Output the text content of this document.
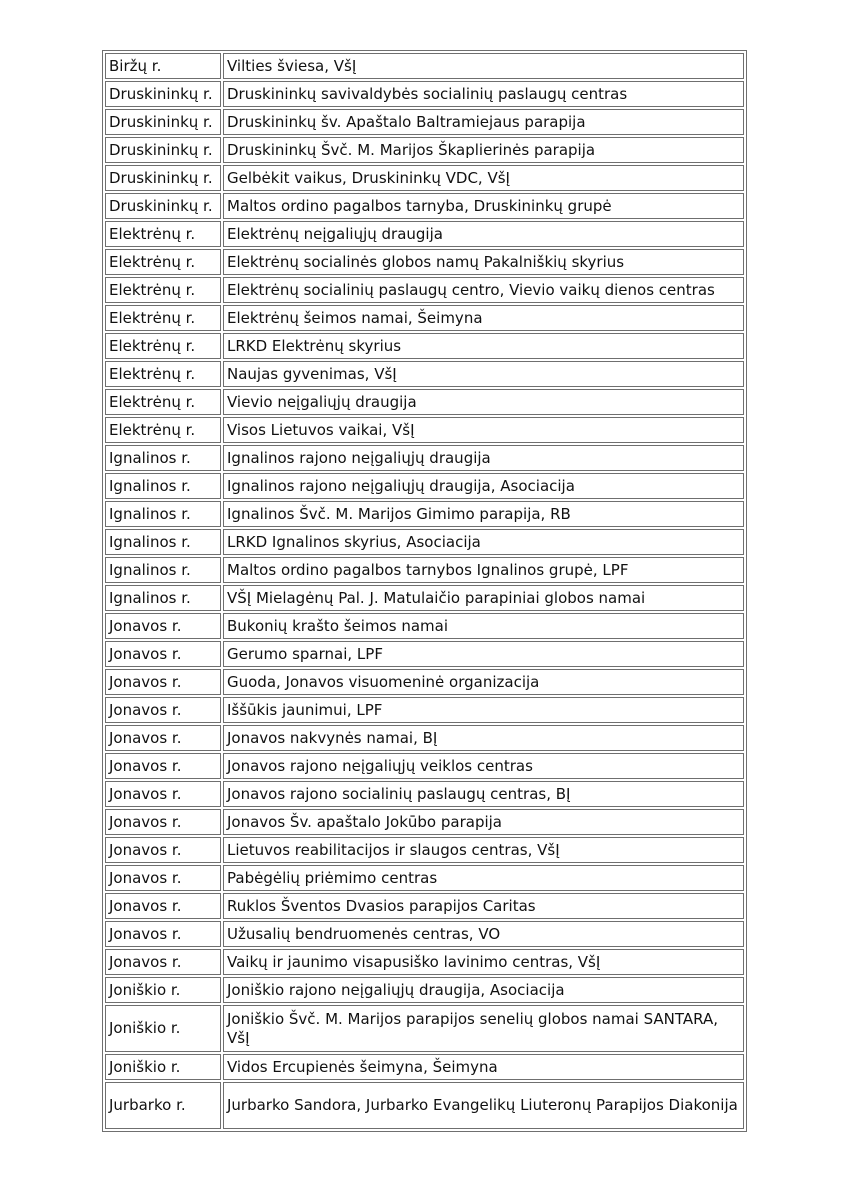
Biržų r.	Vilties šviesa, VšĮ
Druskininkų r.	Druskininkų savivaldybės socialinių paslaugų centras
Druskininkų r.	Druskininkų šv. Apaštalo Baltramiejaus parapija
Druskininkų r.	Druskininkų Švč. M. Marijos Škaplierinės parapija
Druskininkų r.	Gelbėkit vaikus, Druskininkų VDC, VšĮ
Druskininkų r.	Maltos ordino pagalbos tarnyba, Druskininkų grupė
Elektrėnų r.	Elektrėnų neįgaliųjų draugija
Elektrėnų r.	Elektrėnų socialinės globos namų Pakalniškių skyrius
Elektrėnų r.	Elektrėnų socialinių paslaugų centro, Vievio vaikų dienos centras
Elektrėnų r.	Elektrėnų šeimos namai, Šeimyna
Elektrėnų r.	LRKD Elektrėnų skyrius
Elektrėnų r.	Naujas gyvenimas, VšĮ
Elektrėnų r.	Vievio neįgaliųjų draugija
Elektrėnų r.	Visos Lietuvos vaikai, VšĮ
Ignalinos r.	Ignalinos rajono neįgaliųjų draugija
Ignalinos r.	Ignalinos rajono neįgaliųjų draugija, Asociacija
Ignalinos r.	Ignalinos Švč. M. Marijos Gimimo parapija, RB
Ignalinos r.	LRKD Ignalinos skyrius, Asociacija
Ignalinos r.	Maltos ordino pagalbos tarnybos Ignalinos grupė, LPF
Ignalinos r.	VŠĮ Mielagėnų Pal. J. Matulaičio parapiniai globos namai
Jonavos r.	Bukonių krašto šeimos namai
Jonavos r.	Gerumo sparnai, LPF
Jonavos r.	Guoda, Jonavos visuomeninė organizacija
Jonavos r.	Iššūkis jaunimui, LPF
Jonavos r.	Jonavos nakvynės namai, BĮ
Jonavos r.	Jonavos rajono neįgaliųjų veiklos centras
Jonavos r.	Jonavos rajono socialinių paslaugų centras, BĮ
Jonavos r.	Jonavos Šv. apaštalo Jokūbo parapija
Jonavos r.	Lietuvos reabilitacijos ir slaugos centras, VšĮ
Jonavos r.	Pabėgėlių priėmimo centras
Jonavos r.	Ruklos Šventos Dvasios parapijos Caritas
Jonavos r.	Užusalių bendruomenės centras, VO
Jonavos r.	Vaikų ir jaunimo visapusiško lavinimo centras, VšĮ
Joniškio r.	Joniškio rajono neįgaliųjų draugija, Asociacija
Joniškio r.	Joniškio Švč. M. Marijos parapijos senelių globos namai SANTARA, VšĮ
Joniškio r.	Vidos Ercupienės šeimyna, Šeimyna
Jurbarko r.	Jurbarko Sandora, Jurbarko Evangelikų Liuteronų Parapijos Diakonija
